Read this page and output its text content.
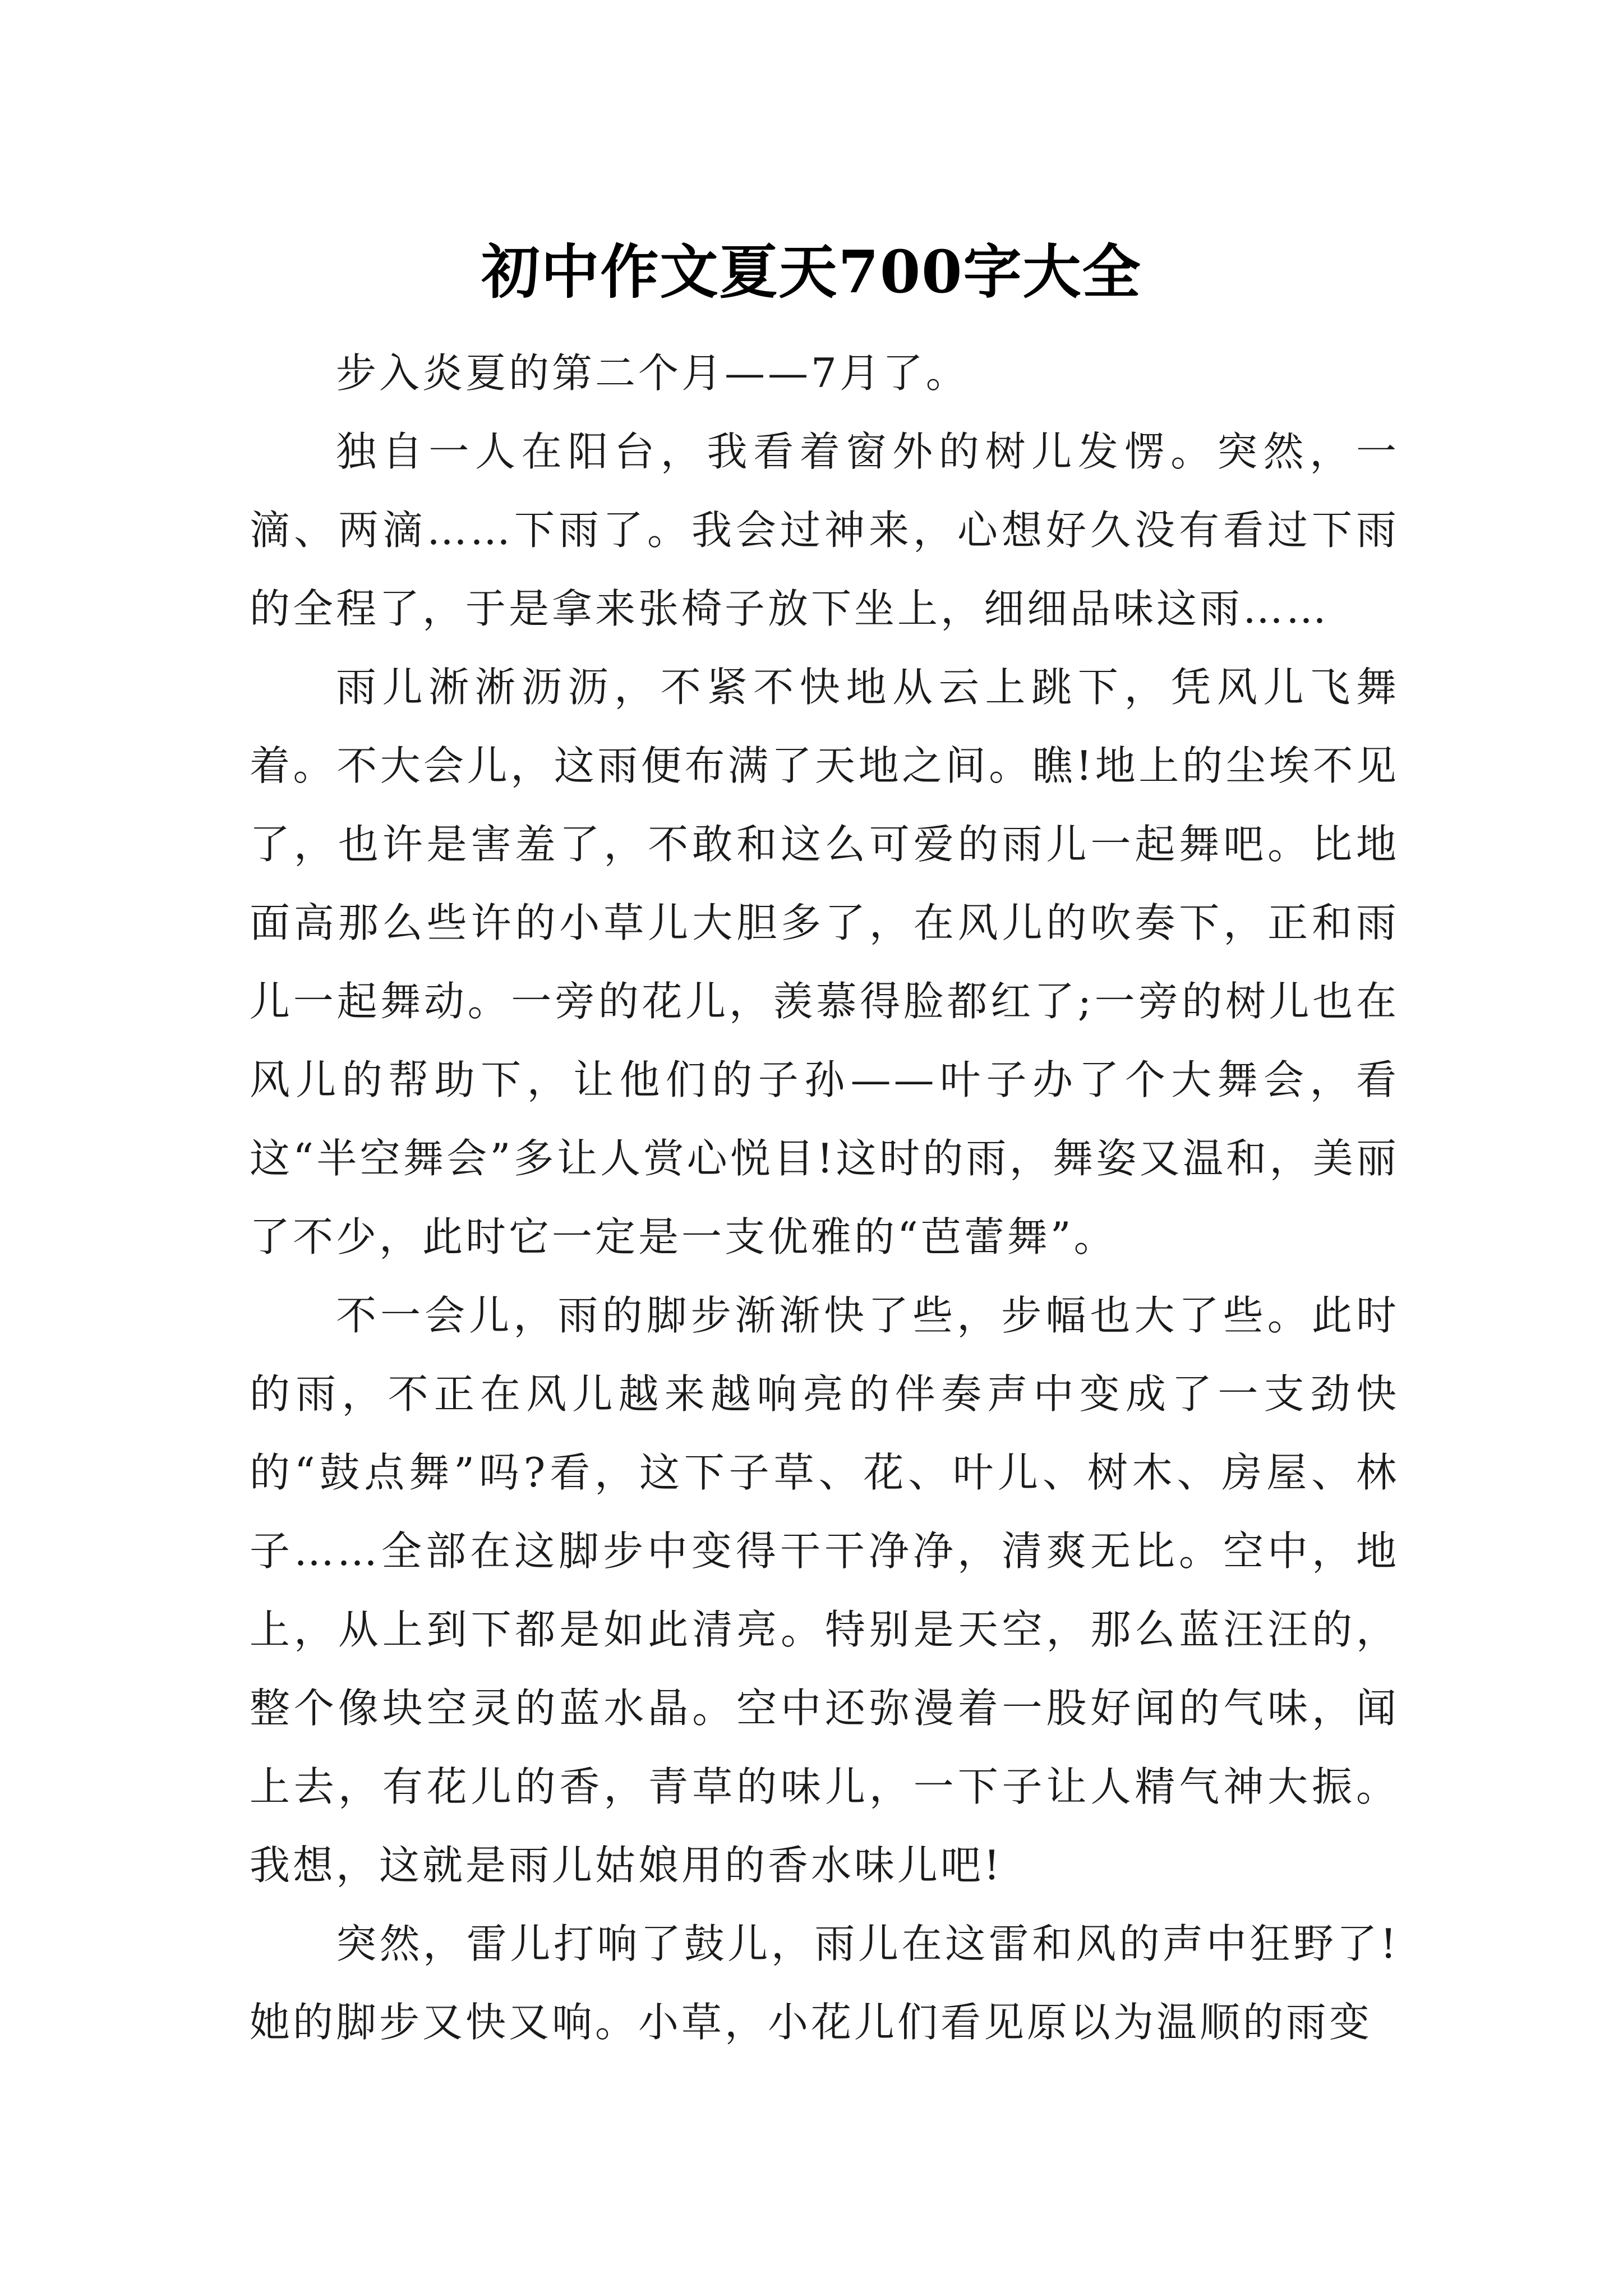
初中作文夏天700字大全

步入炎夏的第二个月——7月了。

独自一人在阳台，我看着窗外的树儿发愣。突然，一滴、两滴……下雨了。我会过神来，心想好久没有看过下雨的全程了，于是拿来张椅子放下坐上，细细品味这雨……

雨儿淅淅沥沥，不紧不快地从云上跳下，凭风儿飞舞着。不大会儿，这雨便布满了天地之间。瞧!地上的尘埃不见了，也许是害羞了，不敢和这么可爱的雨儿一起舞吧。比地面高那么些许的小草儿大胆多了，在风儿的吹奏下，正和雨儿一起舞动。一旁的花儿，羡慕得脸都红了;一旁的树儿也在风儿的帮助下，让他们的子孙——叶子办了个大舞会，看这“半空舞会”多让人赏心悦目!这时的雨，舞姿又温和，美丽了不少，此时它一定是一支优雅的“芭蕾舞”。

不一会儿，雨的脚步渐渐快了些，步幅也大了些。此时的雨，不正在风儿越来越响亮的伴奏声中变成了一支劲快的“鼓点舞”吗?看，这下子草、花、叶儿、树木、房屋、林子……全部在这脚步中变得干干净净，清爽无比。空中，地上，从上到下都是如此清亮。特别是天空，那么蓝汪汪的，整个像块空灵的蓝水晶。空中还弥漫着一股好闻的气味，闻上去，有花儿的香，青草的味儿，一下子让人精气神大振。我想，这就是雨儿姑娘用的香水味儿吧!

突然，雷儿打响了鼓儿，雨儿在这雷和风的声中狂野了!她的脚步又快又响。小草，小花儿们看见原以为温顺的雨变
